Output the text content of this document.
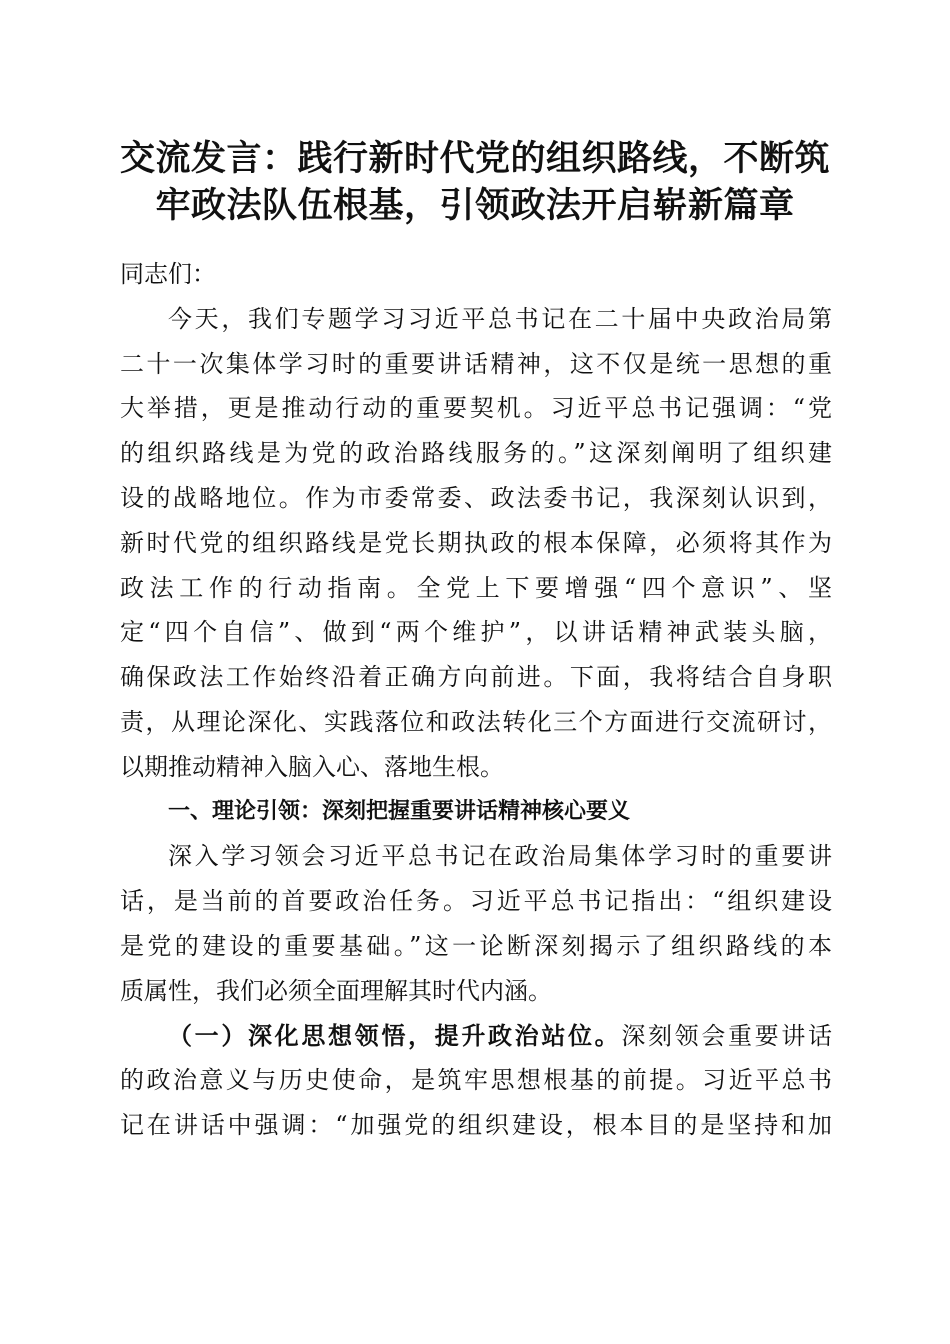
交流发言：践行新时代党的组织路线，不断筑
牢政法队伍根基，引领政法开启崭新篇章
同志们：
今天，我们专题学习习近平总书记在二十届中央政治局第
二十一次集体学习时的重要讲话精神，这不仅是统一思想的重
大举措，更是推动行动的重要契机。习近平总书记强调：“党
的组织路线是为党的政治路线服务的。”这深刻阐明了组织建
设的战略地位。作为市委常委、政法委书记，我深刻认识到，
新时代党的组织路线是党长期执政的根本保障，必须将其作为
政法工作的行动指南。全党上下要增强“四个意识”、坚
定“四个自信”、做到“两个维护”，以讲话精神武装头脑，
确保政法工作始终沿着正确方向前进。下面，我将结合自身职
责，从理论深化、实践落位和政法转化三个方面进行交流研讨，
以期推动精神入脑入心、落地生根。
一、理论引领：深刻把握重要讲话精神核心要义
深入学习领会习近平总书记在政治局集体学习时的重要讲
话，是当前的首要政治任务。习近平总书记指出：“组织建设
是党的建设的重要基础。”这一论断深刻揭示了组织路线的本
质属性，我们必须全面理解其时代内涵。
（一）深化思想领悟，提升政治站位。深刻领会重要讲话
的政治意义与历史使命，是筑牢思想根基的前提。习近平总书
记在讲话中强调：“加强党的组织建设，根本目的是坚持和加
